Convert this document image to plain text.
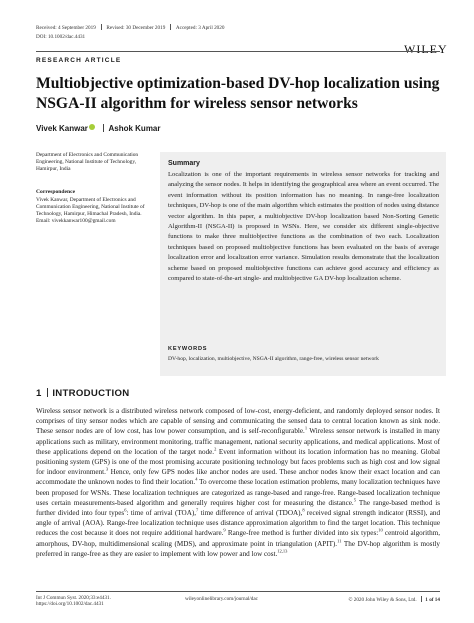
Received: 4 September 2019 Revised: 30 December 2019 Accepted: 3 April 2020
DOI: 10.1002/dac.4431
WILEY
RESEARCH ARTICLE
Multiobjective optimization-based DV-hop localization using NSGA-II algorithm for wireless sensor networks
Vivek Kanwar	Ashok Kumar
Department of Electronics and Communication Engineering, National Institute of Technology, Hamirpur, India
Correspondence
Vivek Kanwar, Department of Electronics and Communication Engineering, National Institute of Technology, Hamirpur, Himachal Pradesh, India. Email: vivekkanwar100@gmail.com
Summary
Localization is one of the important requirements in wireless sensor networks for tracking and analyzing the sensor nodes. It helps in identifying the geographical area where an event occurred. The event information without its position information has no meaning. In range-free localization techniques, DV-hop is one of the main algorithm which estimates the position of nodes using distance vector algorithm. In this paper, a multiobjective DV-hop localization based Non-Sorting Genetic Algorithm-II (NSGA-II) is proposed in WSNs. Here, we consider six different single-objective functions to make three multiobjective functions as the combination of two each. Localization techniques based on proposed multiobjective functions has been evaluated on the basis of average localization error and localization error variance. Simulation results demonstrate that the localization scheme based on proposed multiobjective functions can achieve good accuracy and efficiency as compared to state-of-the-art single- and multiobjective GA DV-hop localization scheme.
KEYWORDS
DV-hop, localization, multiobjective, NSGA-II algorithm, range-free, wireless sensor network
1 INTRODUCTION
Wireless sensor network is a distributed wireless network composed of low-cost, energy-deficient, and randomly deployed sensor nodes. It comprises of tiny sensor nodes which are capable of sensing and communicating the sensed data to central location known as sink node. These sensor nodes are of low cost, has low power consumption, and is self-reconfigurable.$^1$ Wireless sensor network is installed in many applications such as military, environment monitoring, traffic management, national security applications, and medical applications. Most of these applications depend on the location of the target node.$^2$ Event information without its location information has no meaning. Global positioning system (GPS) is one of the most promising accurate positioning technology but faces problems such as high cost and low signal for indoor environment.$^3$ Hence, only few GPS nodes like anchor nodes are used. These anchor nodes know their exact location and can accommodate the unknown nodes to find their location.$^4$ To overcome these location estimation problems, many localization techniques have been proposed for WSNs. These localization techniques are categorized as range-based and range-free. Range-based localization technique uses certain measurements-based algorithm and generally requires higher cost for measuring the distance.$^5$ The range-based method is further divided into four types$^6$: time of arrival (TOA),$^7$ time difference of arrival (TDOA),$^8$ received signal strength indicator (RSSI), and angle of arrival (AOA). Range-free localization technique uses distance approximation algorithm to find the target location. This technique reduces the cost because it does not require additional hardware.$^9$ Range-free method is further divided into six types:$^{10}$ centroid algorithm, amorphous, DV-hop, multidimensional scaling (MDS), and approximate point in triangulation (APIT).$^{11}$ The DV-hop algorithm is mostly preferred in range-free as they are easier to implement with low power and low cost.$^{12,13}$
Int J Commun Syst. 2020;33:e4431.
https://doi.org/10.1002/dac.4431
wileyonlinelibrary.com/journal/dac	© 2020 John Wiley & Sons, Ltd. 1 of 14
